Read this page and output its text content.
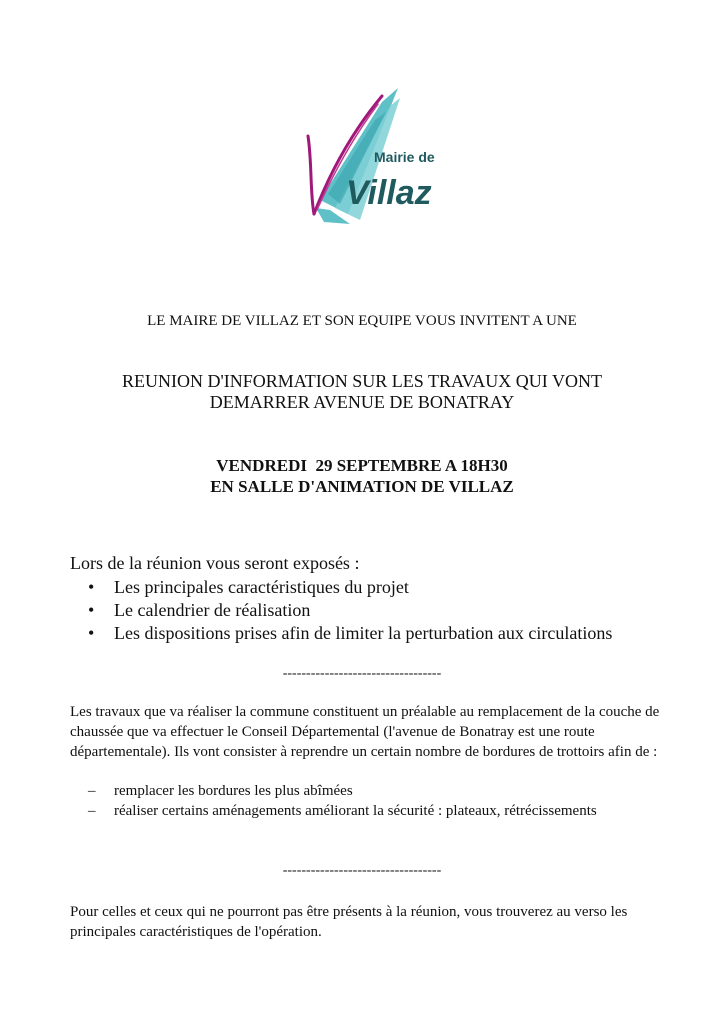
Mairie de
Villaz
LE MAIRE DE VILLAZ ET SON EQUIPE VOUS INVITENT A UNE
REUNION D'INFORMATION SUR LES TRAVAUX QUI VONT
DEMARRER AVENUE DE BONATRAY
VENDREDI  29 SEPTEMBRE A 18H30
EN SALLE D'ANIMATION DE VILLAZ
Lors de la réunion vous seront exposés :
• Les principales caractéristiques du projet
• Le calendrier de réalisation
• Les dispositions prises afin de limiter la perturbation aux circulations
----------------------------------
Les travaux que va réaliser la commune constituent un préalable au remplacement de la couche de chaussée que va effectuer le Conseil Départemental (l'avenue de Bonatray est une route départementale). Ils vont consister à reprendre un certain nombre de bordures de trottoirs afin de :
–	remplacer les bordures les plus abîmées
–	réaliser certains aménagements améliorant la sécurité : plateaux, rétrécissements
----------------------------------
Pour celles et ceux qui ne pourront pas être présents à la réunion, vous trouverez au verso les principales caractéristiques de l'opération.
